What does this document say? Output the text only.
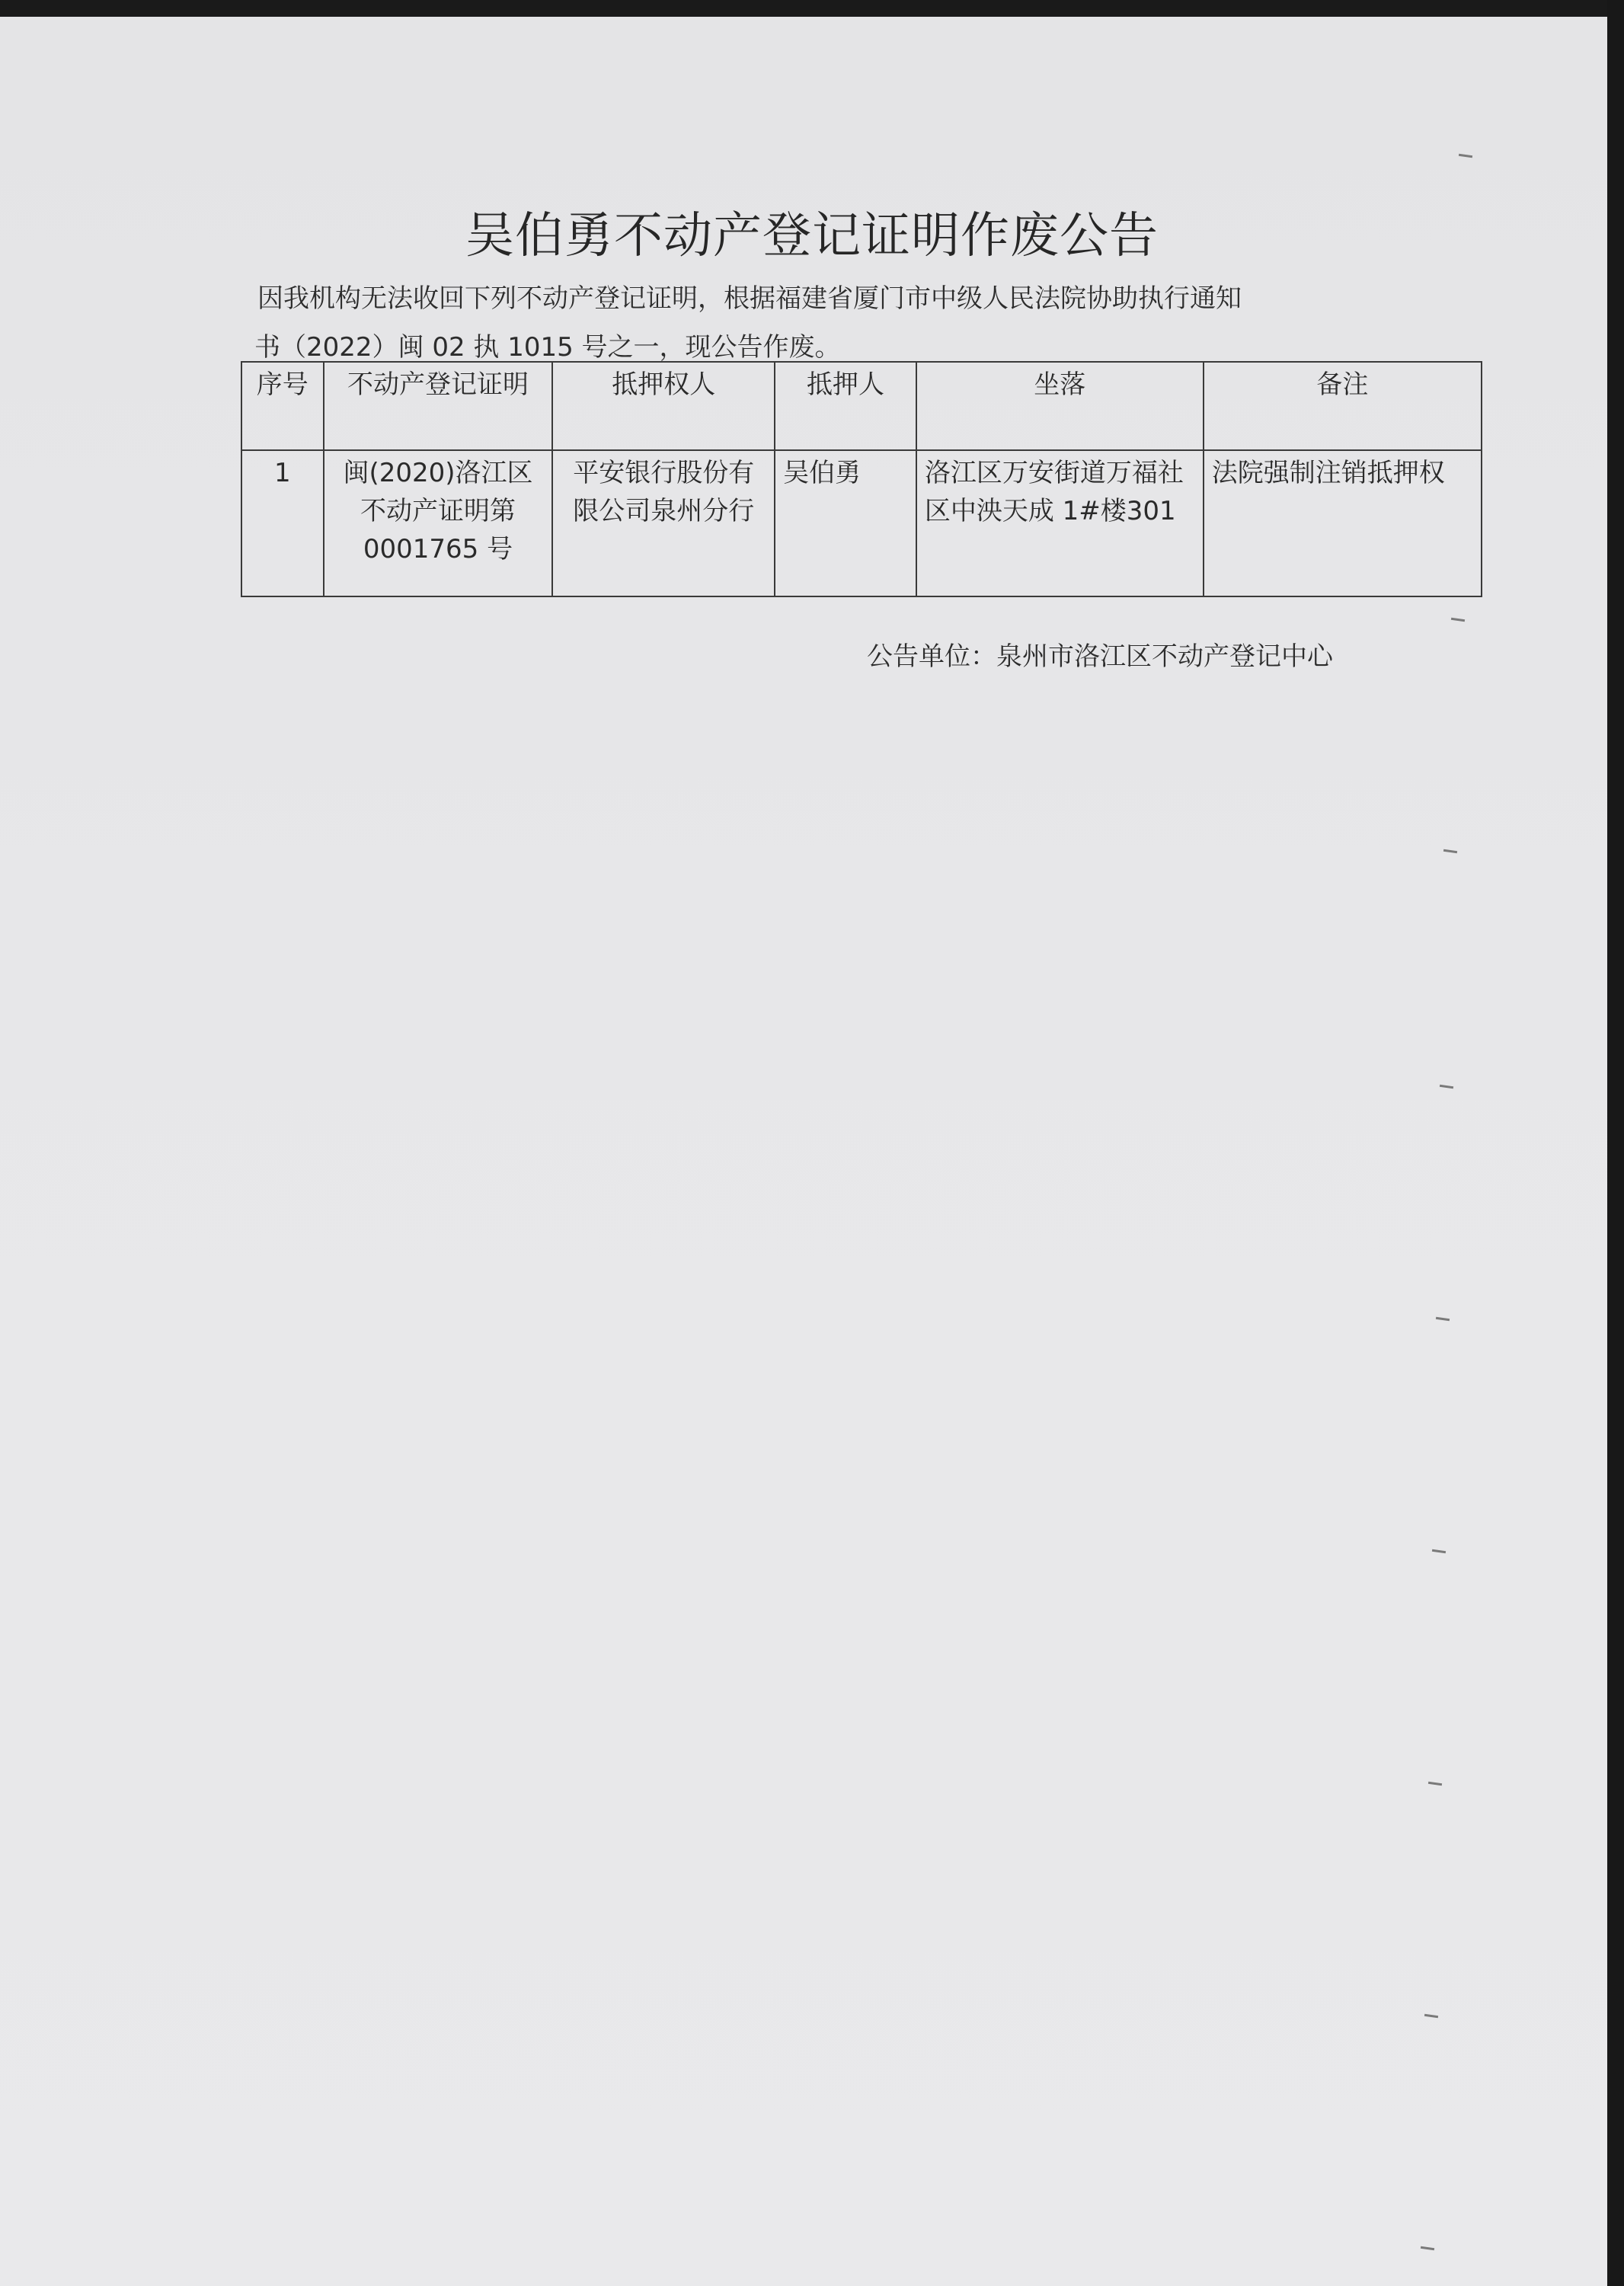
吴伯勇不动产登记证明作废公告
因我机构无法收回下列不动产登记证明，根据福建省厦门市中级人民法院协助执行通知
书（2022）闽 02 执 1015 号之一，现公告作废。
序号	不动产登记证明	抵押权人	抵押人	坐落	备注
1	闽(2020)洛江区不动产证明第0001765 号	平安银行股份有限公司泉州分行	吴伯勇	洛江区万安街道万福社区中泱天成 1#楼301	法院强制注销抵押权
公告单位：泉州市洛江区不动产登记中心
